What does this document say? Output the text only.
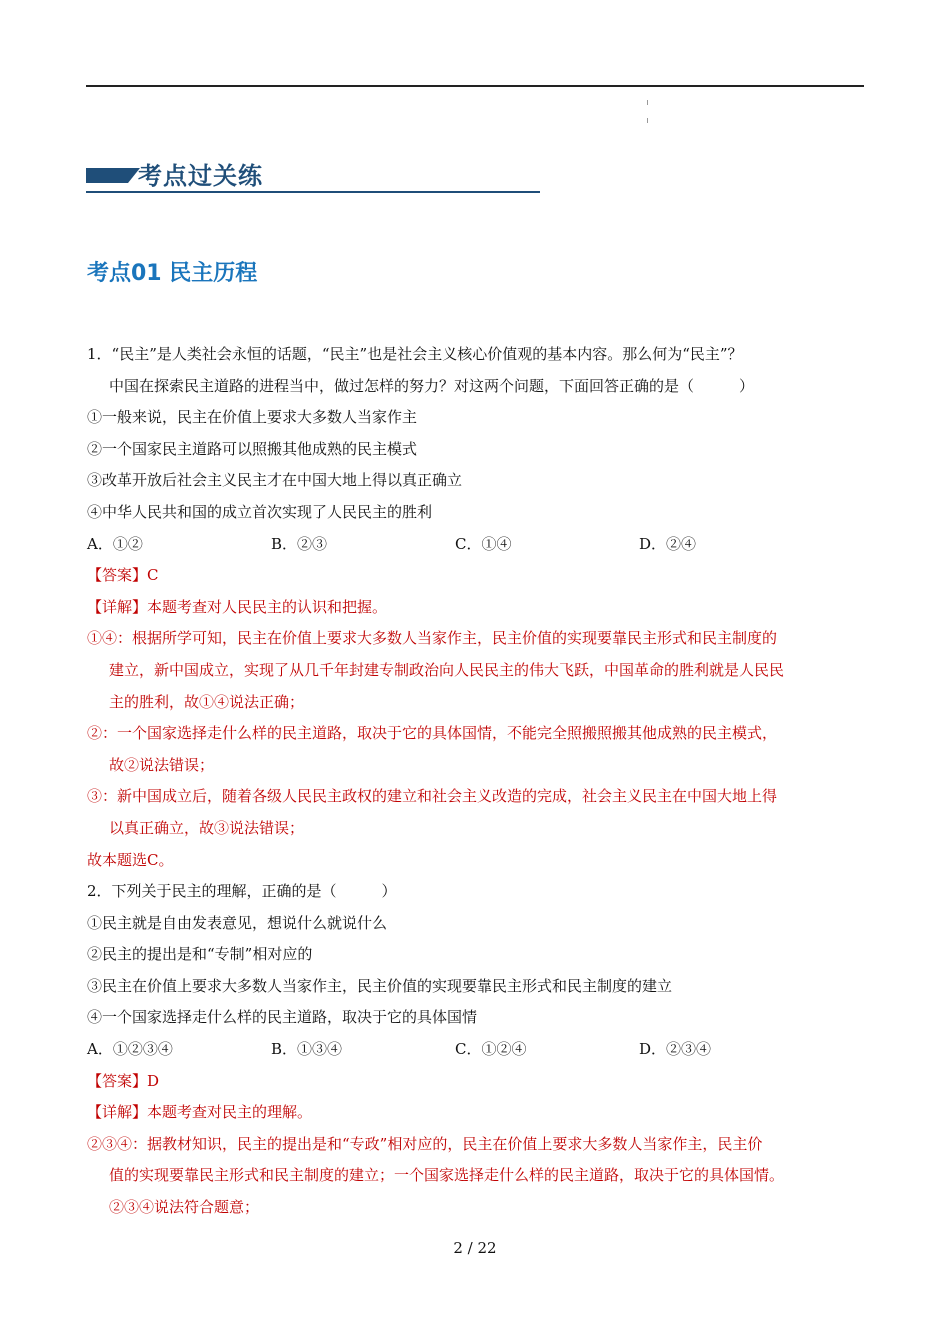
考点过关练
考点01 民主历程
1．“民主”是人类社会永恒的话题，“民主”也是社会主义核心价值观的基本内容。那么何为“民主”？
中国在探索民主道路的进程当中，做过怎样的努力？对这两个问题，下面回答正确的是（　　　）
①一般来说，民主在价值上要求大多数人当家作主
②一个国家民主道路可以照搬其他成熟的民主模式
③改革开放后社会主义民主才在中国大地上得以真正确立
④中华人民共和国的成立首次实现了人民民主的胜利
A．①②	B．②③	C．①④	D．②④
【答案】C
【详解】本题考查对人民民主的认识和把握。
①④：根据所学可知，民主在价值上要求大多数人当家作主，民主价值的实现要靠民主形式和民主制度的
建立，新中国成立，实现了从几千年封建专制政治向人民民主的伟大飞跃，中国革命的胜利就是人民民
主的胜利，故①④说法正确；
②：一个国家选择走什么样的民主道路，取决于它的具体国情，不能完全照搬照搬其他成熟的民主模式，
故②说法错误；
③：新中国成立后，随着各级人民民主政权的建立和社会主义改造的完成，社会主义民主在中国大地上得
以真正确立，故③说法错误；
故本题选C。
2．下列关于民主的理解，正确的是（　　　）
①民主就是自由发表意见，想说什么就说什么
②民主的提出是和“专制”相对应的
③民主在价值上要求大多数人当家作主，民主价值的实现要靠民主形式和民主制度的建立
④一个国家选择走什么样的民主道路，取决于它的具体国情
A．①②③④	B．①③④	C．①②④	D．②③④
【答案】D
【详解】本题考查对民主的理解。
②③④：据教材知识，民主的提出是和“专政”相对应的，民主在价值上要求大多数人当家作主，民主价
值的实现要靠民主形式和民主制度的建立；一个国家选择走什么样的民主道路，取决于它的具体国情。
②③④说法符合题意；
2 / 22
